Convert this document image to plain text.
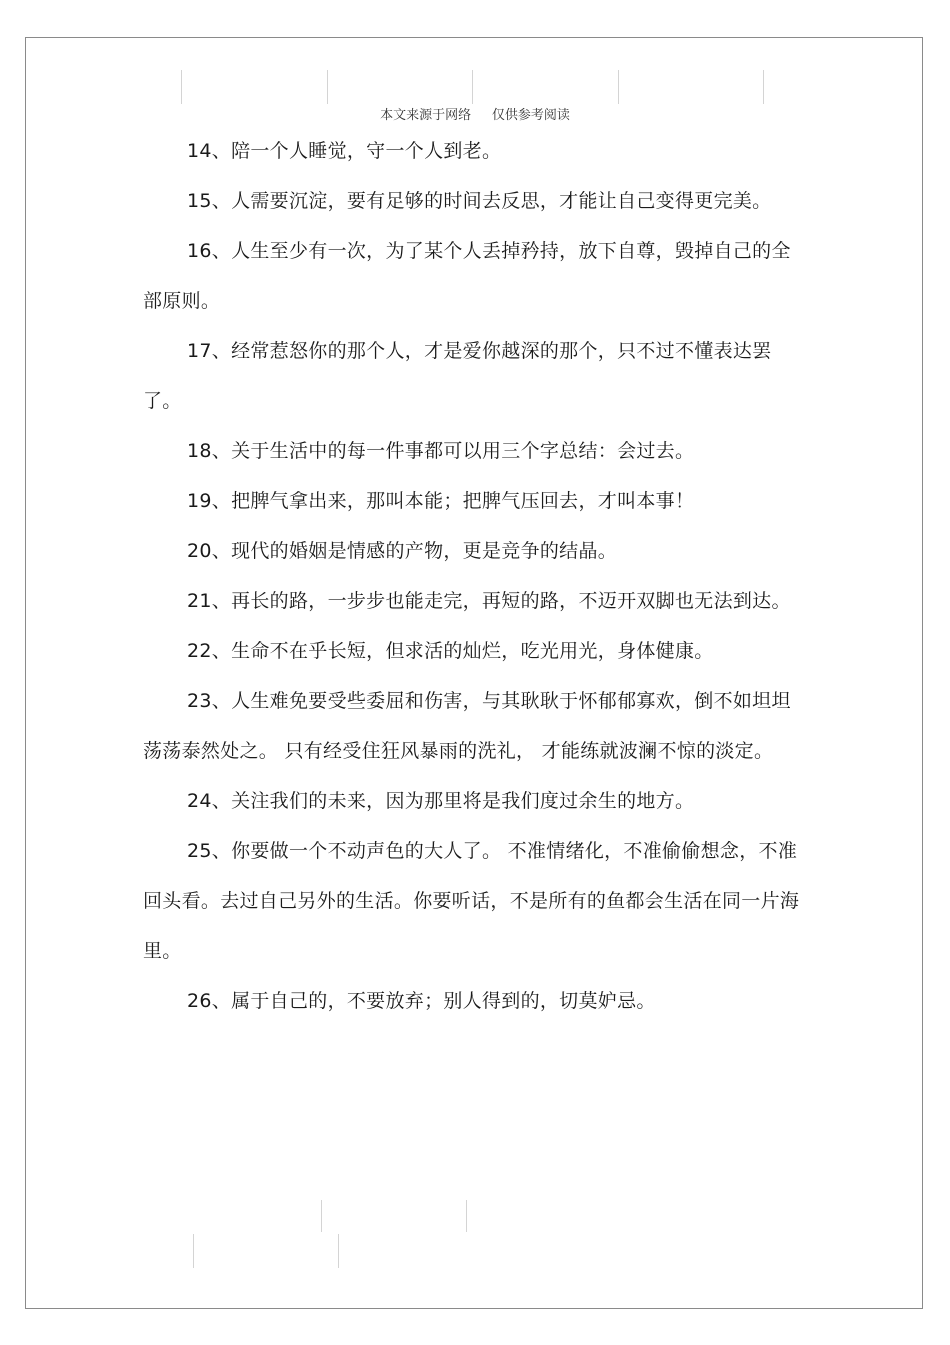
本文来源于网络     仅供参考阅读

14、陪一个人睡觉，守一个人到老。

15、人需要沉淀，要有足够的时间去反思，才能让自己变得更完美。

16、人生至少有一次，为了某个人丢掉矜持，放下自尊，毁掉自己的全部原则。

17、经常惹怒你的那个人，才是爱你越深的那个，只不过不懂表达罢了。

18、关于生活中的每一件事都可以用三个字总结：会过去。

19、把脾气拿出来，那叫本能；把脾气压回去，才叫本事！

20、现代的婚姻是情感的产物，更是竞争的结晶。

21、再长的路，一步步也能走完，再短的路，不迈开双脚也无法到达。

22、生命不在乎长短，但求活的灿烂，吃光用光，身体健康。

23、人生难免要受些委屈和伤害，与其耿耿于怀郁郁寡欢，倒不如坦坦荡荡泰然处之。 只有经受住狂风暴雨的洗礼， 才能练就波澜不惊的淡定。

24、关注我们的未来，因为那里将是我们度过余生的地方。

25、你要做一个不动声色的大人了。 不准情绪化，不准偷偷想念，不准回头看。去过自己另外的生活。你要听话，不是所有的鱼都会生活在同一片海里。

26、属于自己的，不要放弃；别人得到的，切莫妒忌。
